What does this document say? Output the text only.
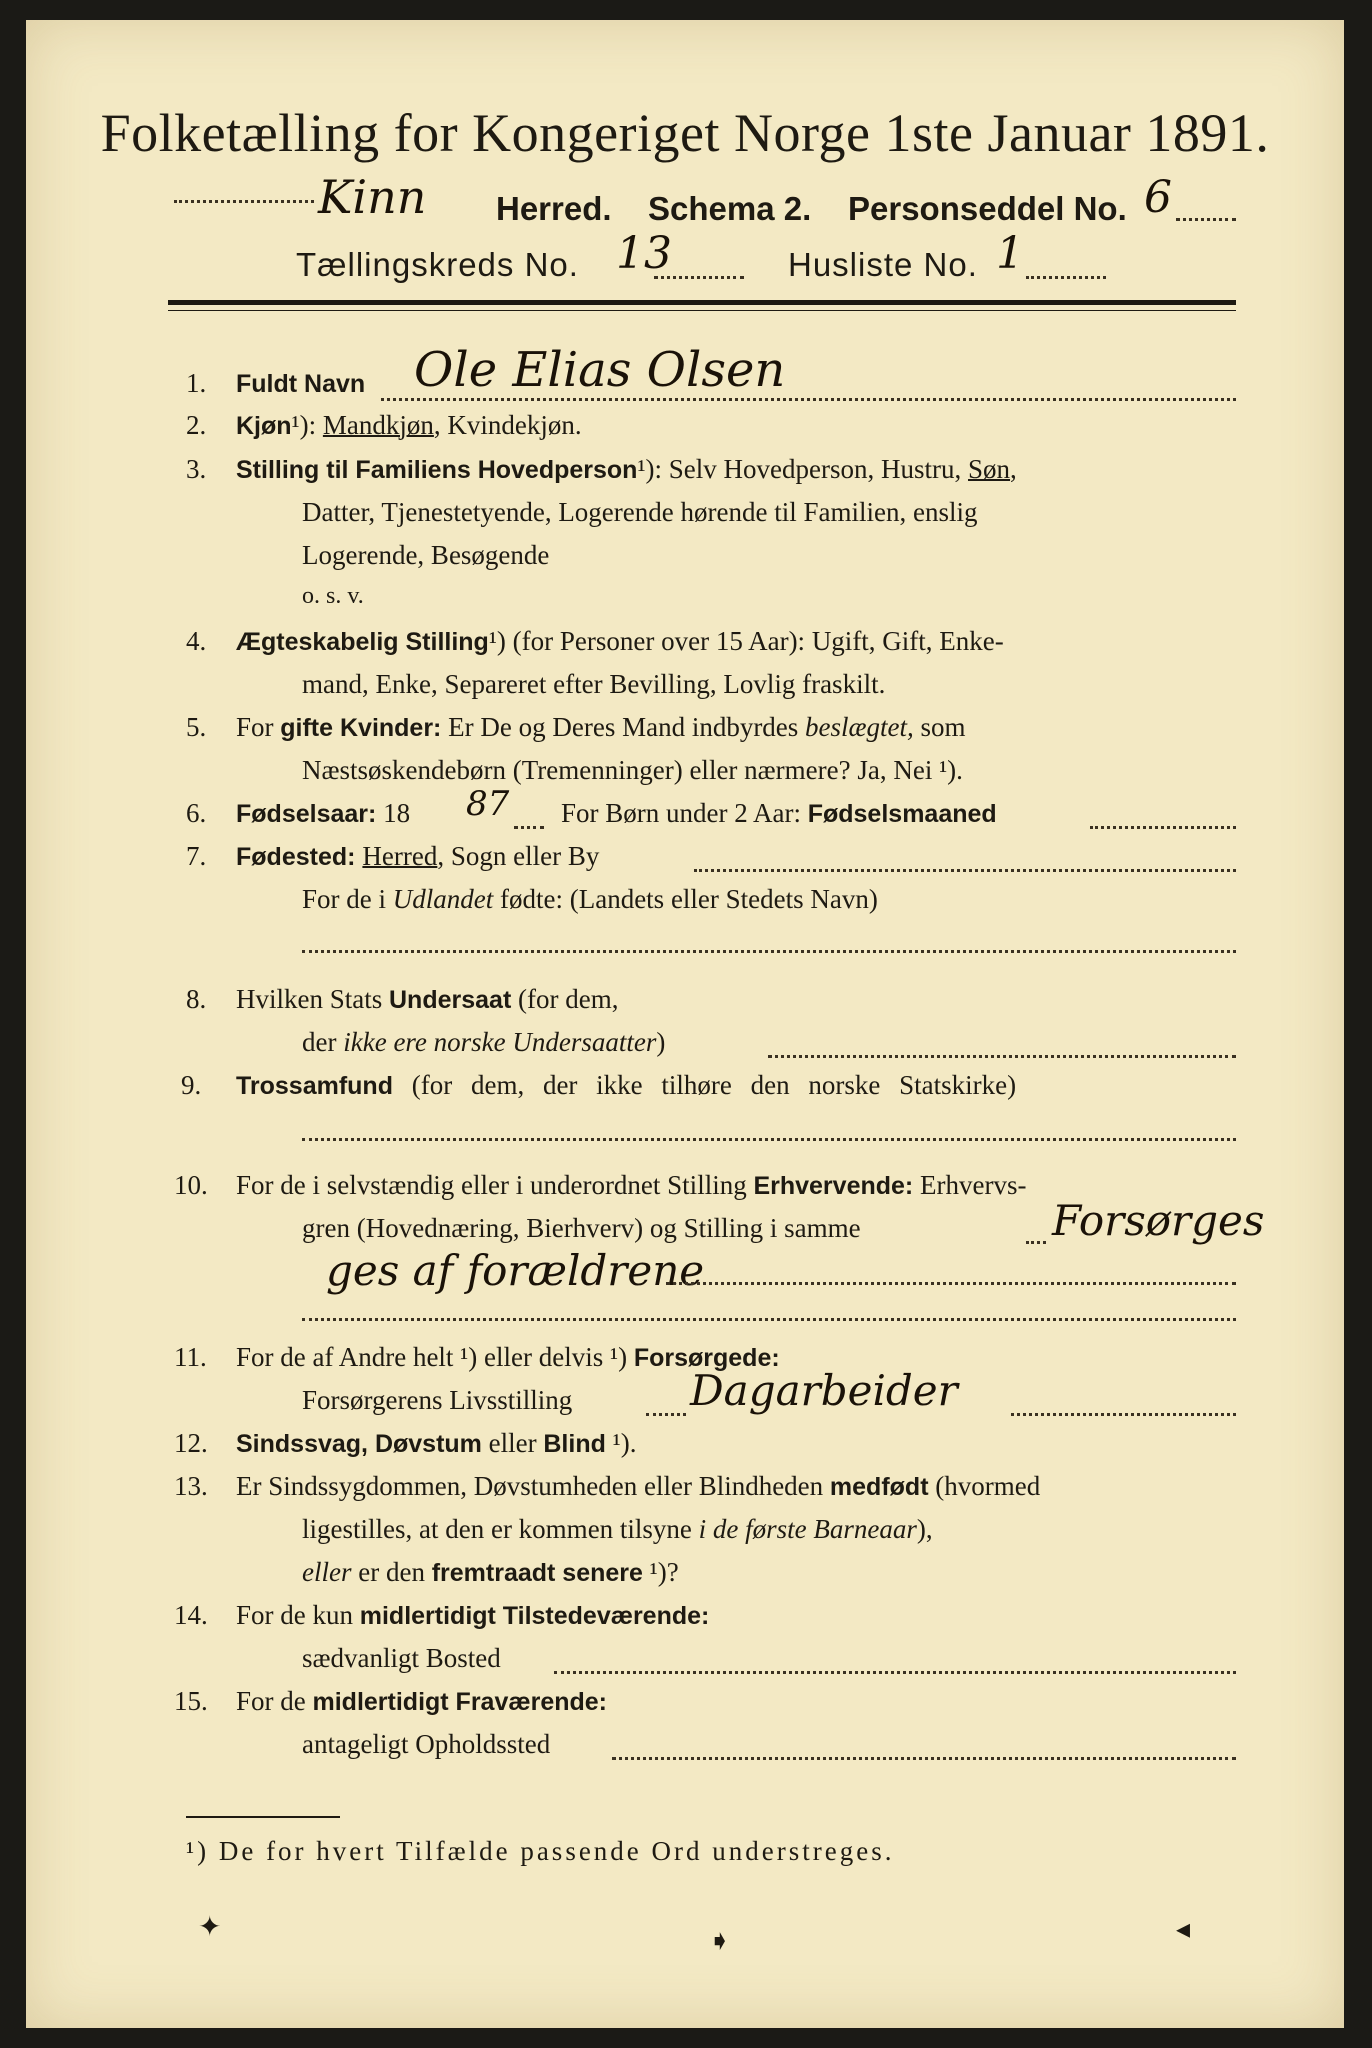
Folketælling for Kongeriget Norge 1ste Januar 1891.
Kinn Herred. Schema 2. Personseddel No. 6
Tællingskreds No. 13	Husliste No. 1
1. Fuldt Navn Ole Elias Olsen
2. Kjøn¹): Mandkjøn, Kvindekjøn.
3. Stilling til Familiens Hovedperson¹): Selv Hovedperson, Hustru, Søn,
Datter, Tjenestetyende, Logerende hørende til Familien, enslig
Logerende, Besøgende
o. s. v.
4. Ægteskabelig Stilling¹) (for Personer over 15 Aar): Ugift, Gift, Enke-
mand, Enke, Separeret efter Bevilling, Lovlig fraskilt.
5. For gifte Kvinder: Er De og Deres Mand indbyrdes beslægtet, som
Næstsøskendebørn (Tremenninger) eller nærmere? Ja, Nei ¹).
6. Fødselsaar: 18 87 For Børn under 2 Aar: Fødselsmaaned
7. Fødested: Herred, Sogn eller By
For de i Udlandet fødte: (Landets eller Stedets Navn)
8. Hvilken Stats Undersaat (for dem,
der ikke ere norske Undersaatter)
9. Trossamfund (for dem, der ikke tilhøre den norske Statskirke)
10. For de i selvstændig eller i underordnet Stilling Erhvervende: Erhvervs-
gren (Hovednæring, Bierhverv) og Stilling i samme	Forsørges
ges af forældrene
11. For de af Andre helt ¹) eller delvis ¹) Forsørgede:
Forsørgerens Livsstilling	Dagarbeider
12. Sindssvag, Døvstum eller Blind ¹).
13. Er Sindssygdommen, Døvstumheden eller Blindheden medfødt (hvormed
ligestilles, at den er kommen tilsyne i de første Barneaar),
eller er den fremtraadt senere ¹)?
14. For de kun midlertidigt Tilstedeværende:
sædvanligt Bosted
15. For de midlertidigt Fraværende:
antageligt Opholdssted
¹) De for hvert Tilfælde passende Ord understreges.
✦	➧	◂
